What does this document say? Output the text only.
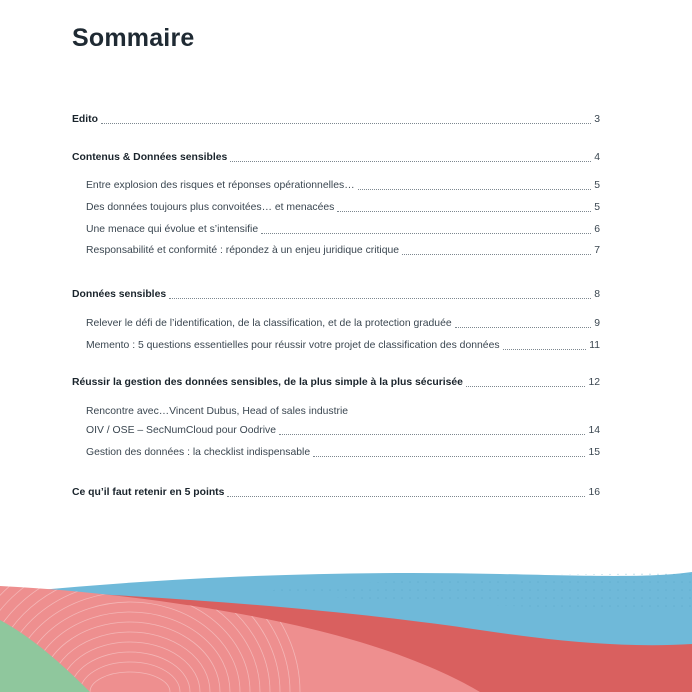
Sommaire
Edito	3
Contenus & Données sensibles	4
Entre explosion des risques et réponses opérationnelles…	5
Des données toujours plus convoitées… et menacées	5
Une menace qui évolue et s’intensifie	6
Responsabilité et conformité : répondez à un enjeu juridique critique	7
Données sensibles	8
Relever le défi de l’identification, de la classification, et de la protection graduée	9
Memento : 5 questions essentielles pour réussir votre projet de classification des données	11
Réussir la gestion des données sensibles, de la plus simple à la plus sécurisée	12
Rencontre avec…Vincent Dubus, Head of sales industrie
OIV / OSE – SecNumCloud pour Oodrive	14
Gestion des données : la checklist indispensable	15
Ce qu’il faut retenir en 5 points	16
